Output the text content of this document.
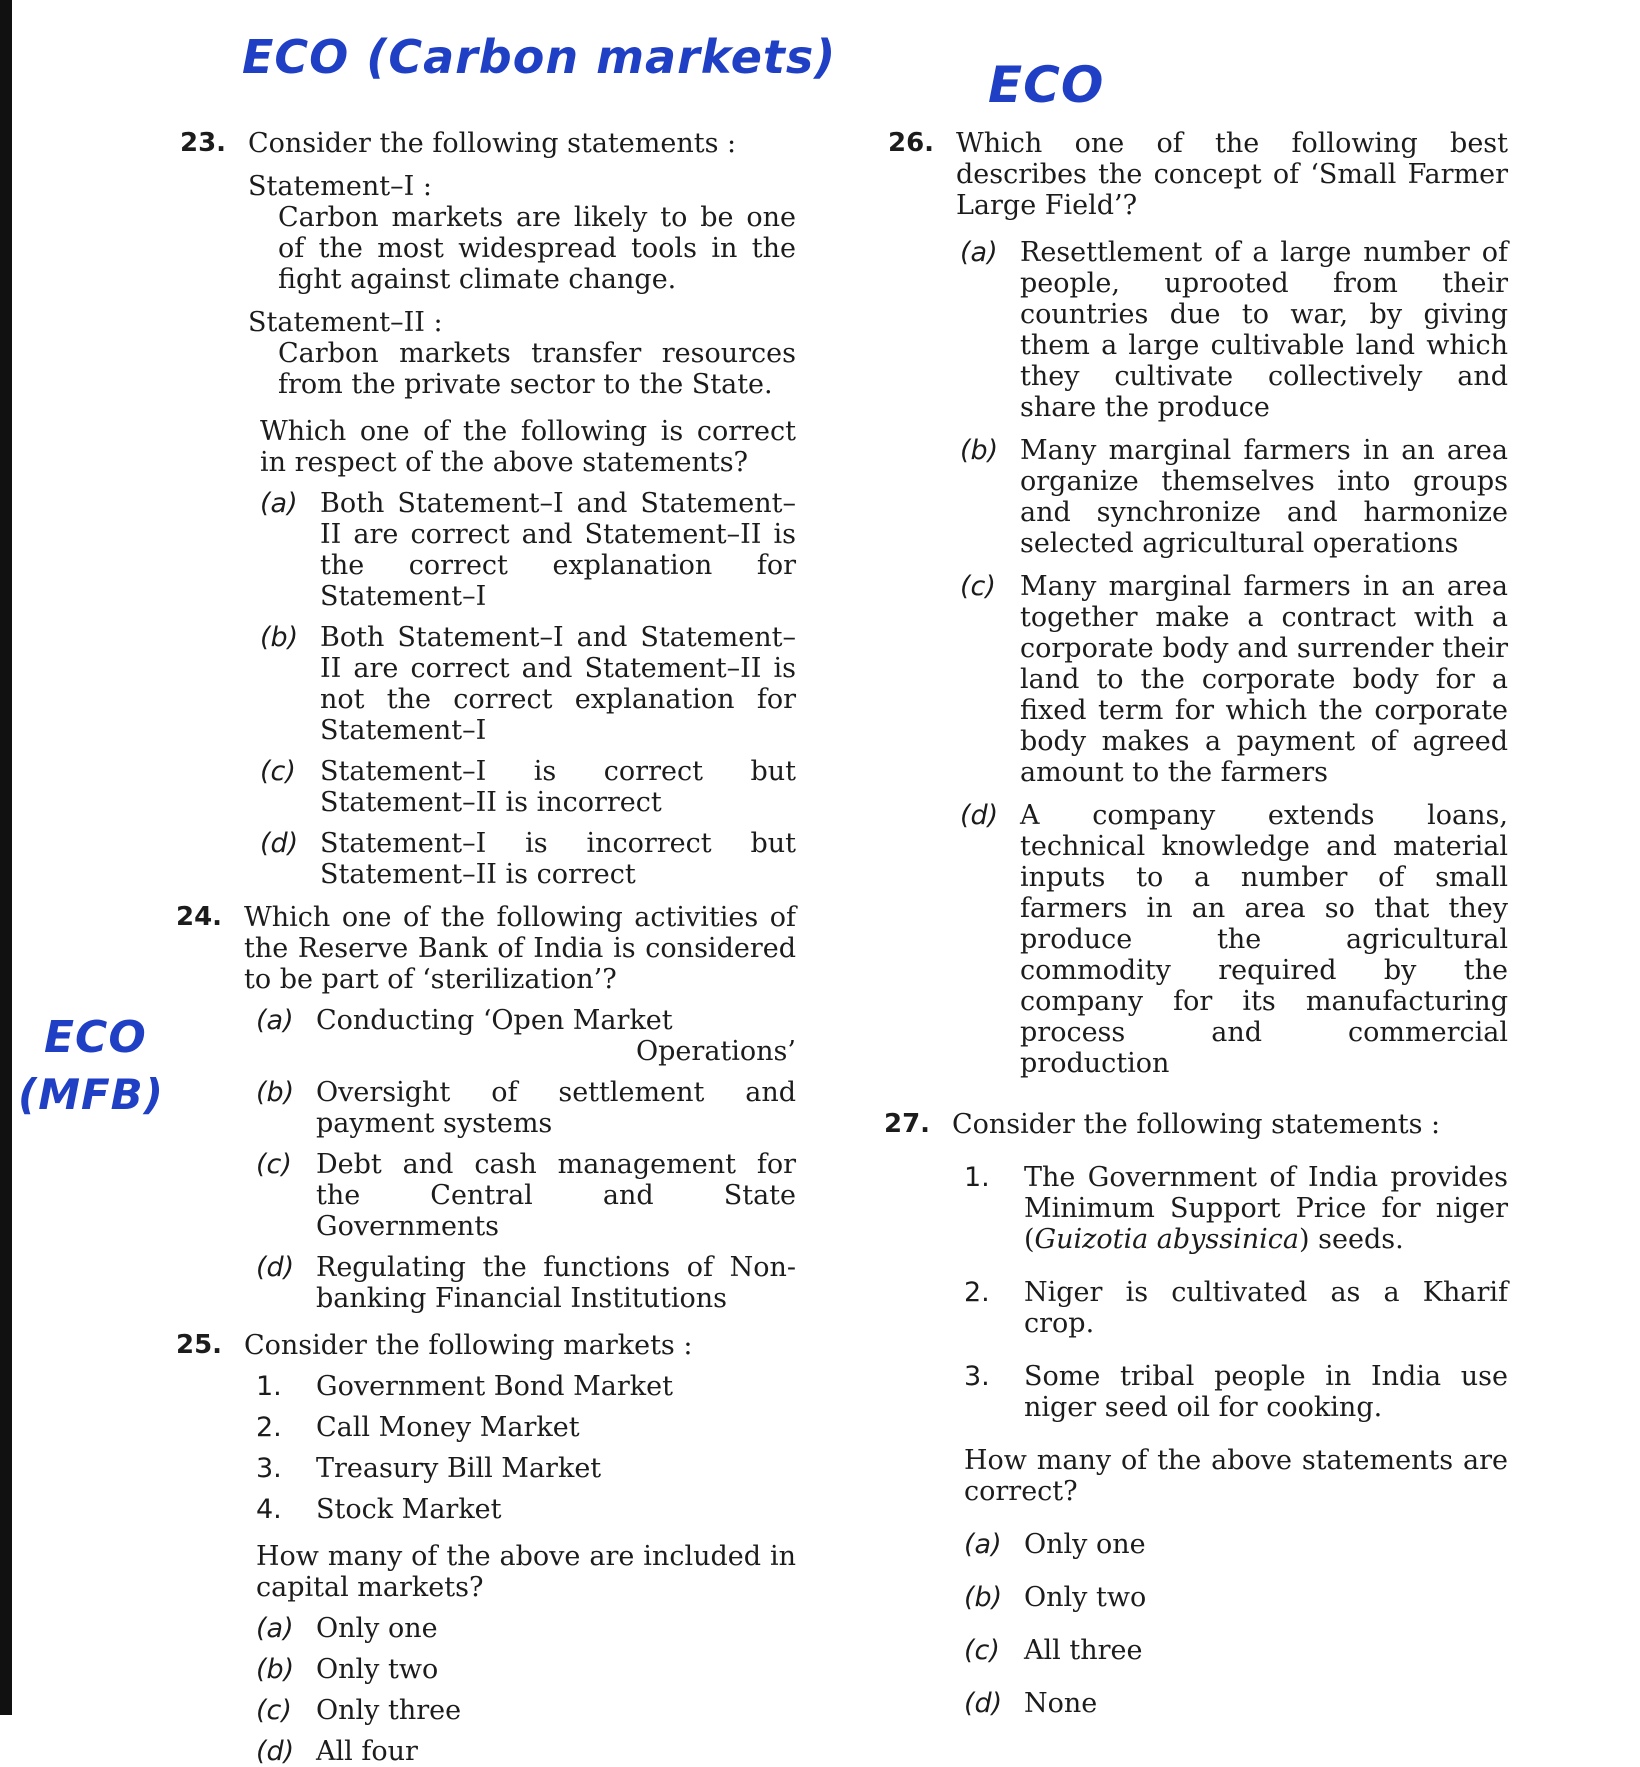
ECO (Carbon markets)	ECO
ECO
(MFB)
23. Consider the following statements :
Statement–I :
Carbon markets are likely to be one of the most widespread tools in the fight against climate change.
Statement–II :
Carbon markets transfer resources from the private sector to the State.
Which one of the following is correct in respect of the above statements?
(a) Both Statement–I and Statement–II are correct and Statement–II is the correct explanation for Statement–I
(b) Both Statement–I and Statement–II are correct and Statement–II is not the correct explanation for Statement–I
(c) Statement–I is correct but
Statement–II is incorrect
(d) Statement–I is incorrect but
Statement–II is correct
24. Which one of the following activities of the Reserve Bank of India is considered to be part of ‘sterilization’?
(a) Conducting ‘Open Market
Operations’
(b) Oversight of settlement and payment systems
(c) Debt and cash management for the Central and State Governments
(d) Regulating the functions of Non-banking Financial Institutions
25. Consider the following markets :
1. Government Bond Market
2. Call Money Market
3. Treasury Bill Market
4. Stock Market
How many of the above are included in capital markets?
(a) Only one
(b) Only two
(c) Only three
(d) All four
26. Which one of the following best describes the concept of ‘Small Farmer Large Field’?
(a) Resettlement of a large number of people, uprooted from their countries due to war, by giving them a large cultivable land which they cultivate collectively and share the produce
(b) Many marginal farmers in an area organize themselves into groups and synchronize and harmonize selected agricultural operations
(c) Many marginal farmers in an area together make a contract with a corporate body and surrender their land to the corporate body for a fixed term for which the corporate body makes a payment of agreed amount to the farmers
(d) A company extends loans, technical knowledge and material inputs to a number of small farmers in an area so that they produce the agricultural commodity required by the company for its manufacturing process and commercial production
27. Consider the following statements :
1. The Government of India provides Minimum Support Price for niger (Guizotia abyssinica) seeds.
2. Niger is cultivated as a Kharif crop.
3. Some tribal people in India use niger seed oil for cooking.
How many of the above statements are correct?
(a) Only one
(b) Only two
(c) All three
(d) None
